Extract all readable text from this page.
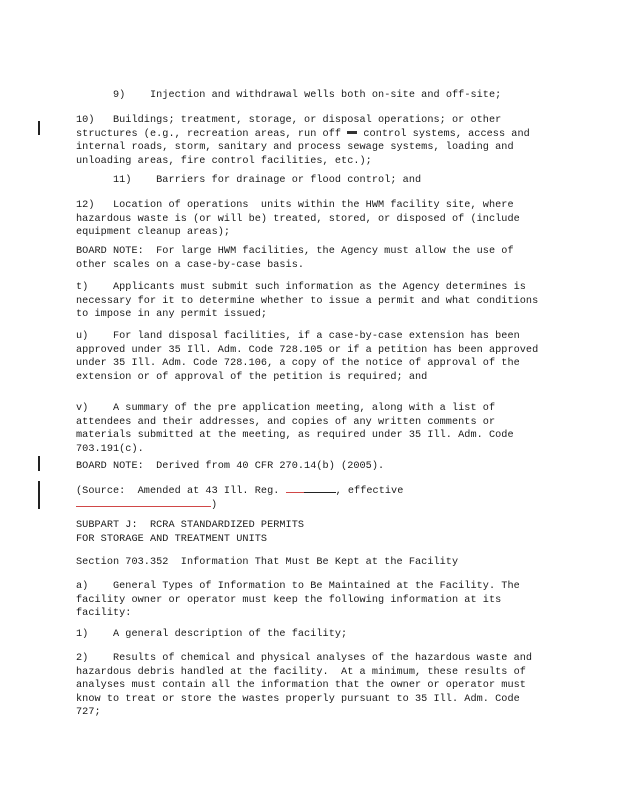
9)    Injection and withdrawal wells both on-site and off-site;
10)   Buildings; treatment, storage, or disposal operations; or other structures (e.g., recreation areas, run off  control systems, access and internal roads, storm, sanitary and process sewage systems, loading and unloading areas, fire control facilities, etc.);
11)    Barriers for drainage or flood control; and
12)   Location of operations  units within the HWM facility site, where hazardous waste is (or will be) treated, stored, or disposed of (include equipment cleanup areas);
BOARD NOTE:  For large HWM facilities, the Agency must allow the use of other scales on a case-by-case basis.
t)    Applicants must submit such information as the Agency determines is necessary for it to determine whether to issue a permit and what conditions to impose in any permit issued;
u)    For land disposal facilities, if a case-by-case extension has been approved under 35 Ill. Adm. Code 728.105 or if a petition has been approved under 35 Ill. Adm. Code 728.106, a copy of the notice of approval of the extension or of approval of the petition is required; and
v)    A summary of the pre application meeting, along with a list of attendees and their addresses, and copies of any written comments or materials submitted at the meeting, as required under 35 Ill. Adm. Code 703.191(c).
BOARD NOTE:  Derived from 40 CFR 270.14(b) (2005).
(Source:  Amended at 43 Ill. Reg.	, effective
)
SUBPART J:  RCRA STANDARDIZED PERMITS
FOR STORAGE AND TREATMENT UNITS
Section 703.352  Information That Must Be Kept at the Facility
a)    General Types of Information to Be Maintained at the Facility. The facility owner or operator must keep the following information at its facility:
1)    A general description of the facility;
2)    Results of chemical and physical analyses of the hazardous waste and hazardous debris handled at the facility.  At a minimum, these results of analyses must contain all the information that the owner or operator must know to treat or store the wastes properly pursuant to 35 Ill. Adm. Code 727;
